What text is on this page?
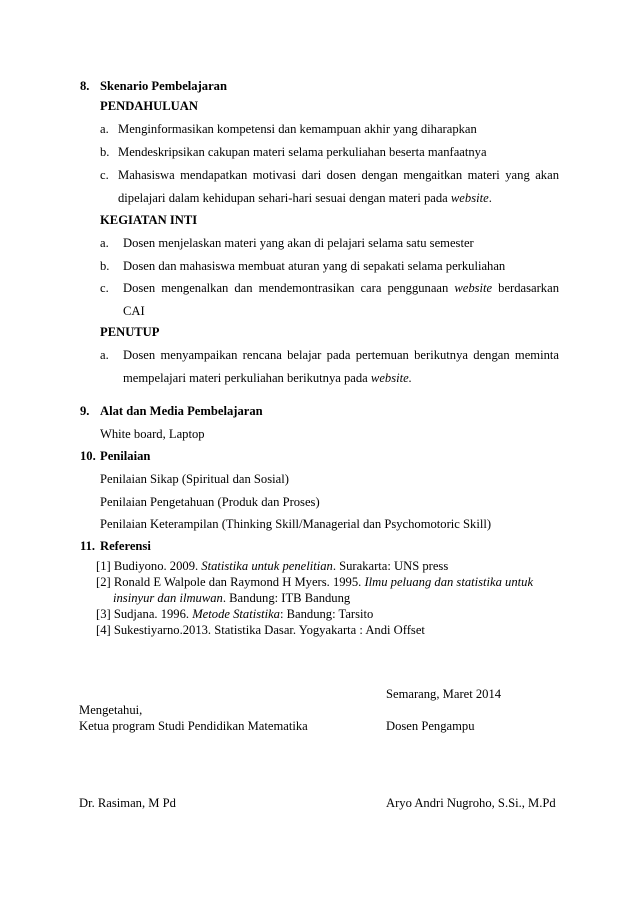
8. Skenario Pembelajaran
PENDAHULUAN
a. Menginformasikan kompetensi dan kemampuan akhir yang diharapkan
b. Mendeskripsikan cakupan materi selama perkuliahan beserta manfaatnya
c. Mahasiswa mendapatkan motivasi dari dosen dengan mengaitkan materi yang akan
dipelajari dalam kehidupan sehari-hari sesuai dengan materi pada website.
KEGIATAN INTI
a. Dosen menjelaskan materi yang akan di pelajari selama satu semester
b. Dosen dan mahasiswa membuat aturan yang di sepakati selama perkuliahan
c. Dosen mengenalkan dan mendemontrasikan cara penggunaan website berdasarkan
CAI
PENUTUP
a. Dosen menyampaikan rencana belajar pada pertemuan berikutnya dengan meminta
mempelajari materi perkuliahan berikutnya pada website.
9. Alat dan Media Pembelajaran
White board, Laptop
10. Penilaian
Penilaian Sikap (Spiritual dan Sosial)
Penilaian Pengetahuan (Produk dan Proses)
Penilaian Keterampilan (Thinking Skill/Managerial dan Psychomotoric Skill)
11. Referensi
[1] Budiyono. 2009. Statistika untuk penelitian. Surakarta: UNS press
[2] Ronald E Walpole dan Raymond H Myers. 1995. Ilmu peluang dan statistika untuk
insinyur dan ilmuwan. Bandung: ITB Bandung
[3] Sudjana. 1996. Metode Statistika: Bandung: Tarsito
[4] Sukestiyarno.2013. Statistika Dasar. Yogyakarta : Andi Offset
Semarang, Maret 2014
Mengetahui,
Ketua program Studi Pendidikan Matematika	Dosen Pengampu
Dr. Rasiman, M Pd	Aryo Andri Nugroho, S.Si., M.Pd
